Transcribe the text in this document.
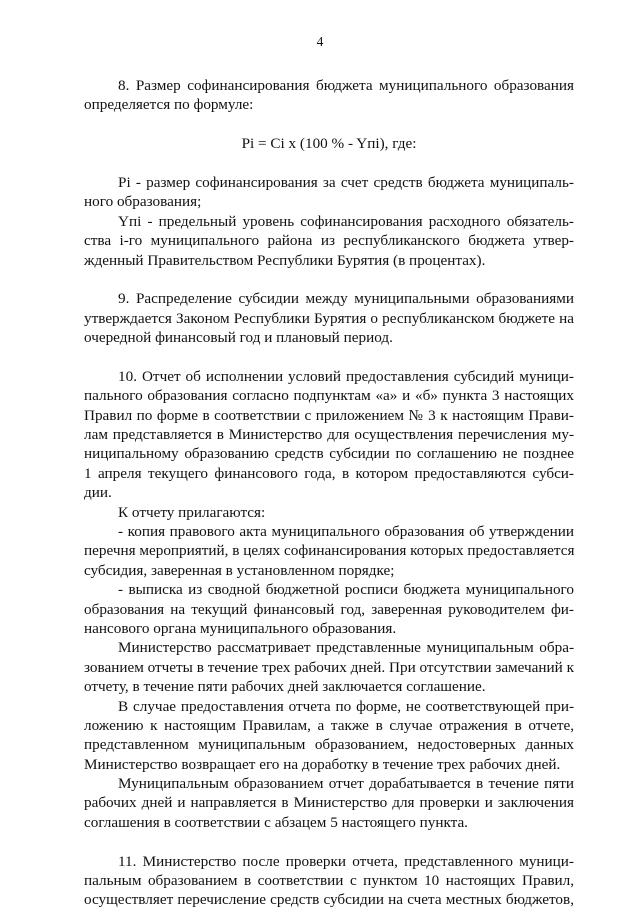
4
8. Размер софинансирования бюджета муниципального образования
определяется по формуле:
Pi = Ci x (100 % - Yпi), где:
Pi - размер софинансирования за счет средств бюджета муниципаль-
ного образования;
Yпi - предельный уровень софинансирования расходного обязатель-
ства i-го муниципального района из республиканского бюджета утвер-
жденный Правительством Республики Бурятия (в процентах).
9. Распределение субсидии между муниципальными образованиями
утверждается Законом Республики Бурятия о республиканском бюджете на
очередной финансовый год и плановый период.
10. Отчет об исполнении условий предоставления субсидий муници-
пального образования согласно подпунктам «а» и «б» пункта 3 настоящих
Правил по форме в соответствии с приложением № 3 к настоящим Прави-
лам представляется в Министерство для осуществления перечисления му-
ниципальному образованию средств субсидии по соглашению не позднее
1 апреля текущего финансового года, в котором предоставляются субси-
дии.
К отчету прилагаются:
- копия правового акта муниципального образования об утверждении
перечня мероприятий, в целях софинансирования которых предоставляется
субсидия, заверенная в установленном порядке;
- выписка из сводной бюджетной росписи бюджета муниципального
образования на текущий финансовый год, заверенная руководителем фи-
нансового органа муниципального образования.
Министерство рассматривает представленные муниципальным обра-
зованием отчеты в течение трех рабочих дней. При отсутствии замечаний к
отчету, в течение пяти рабочих дней заключается соглашение.
В случае предоставления отчета по форме, не соответствующей при-
ложению к настоящим Правилам, а также в случае отражения в отчете,
представленном муниципальным образованием, недостоверных данных
Министерство возвращает его на доработку в течение трех рабочих дней.
Муниципальным образованием отчет дорабатывается в течение пяти
рабочих дней и направляется в Министерство для проверки и заключения
соглашения в соответствии с абзацем 5 настоящего пункта.
11. Министерство после проверки отчета, представленного муници-
пальным образованием в соответствии с пунктом 10 настоящих Правил,
осуществляет перечисление средств субсидии на счета местных бюджетов,
